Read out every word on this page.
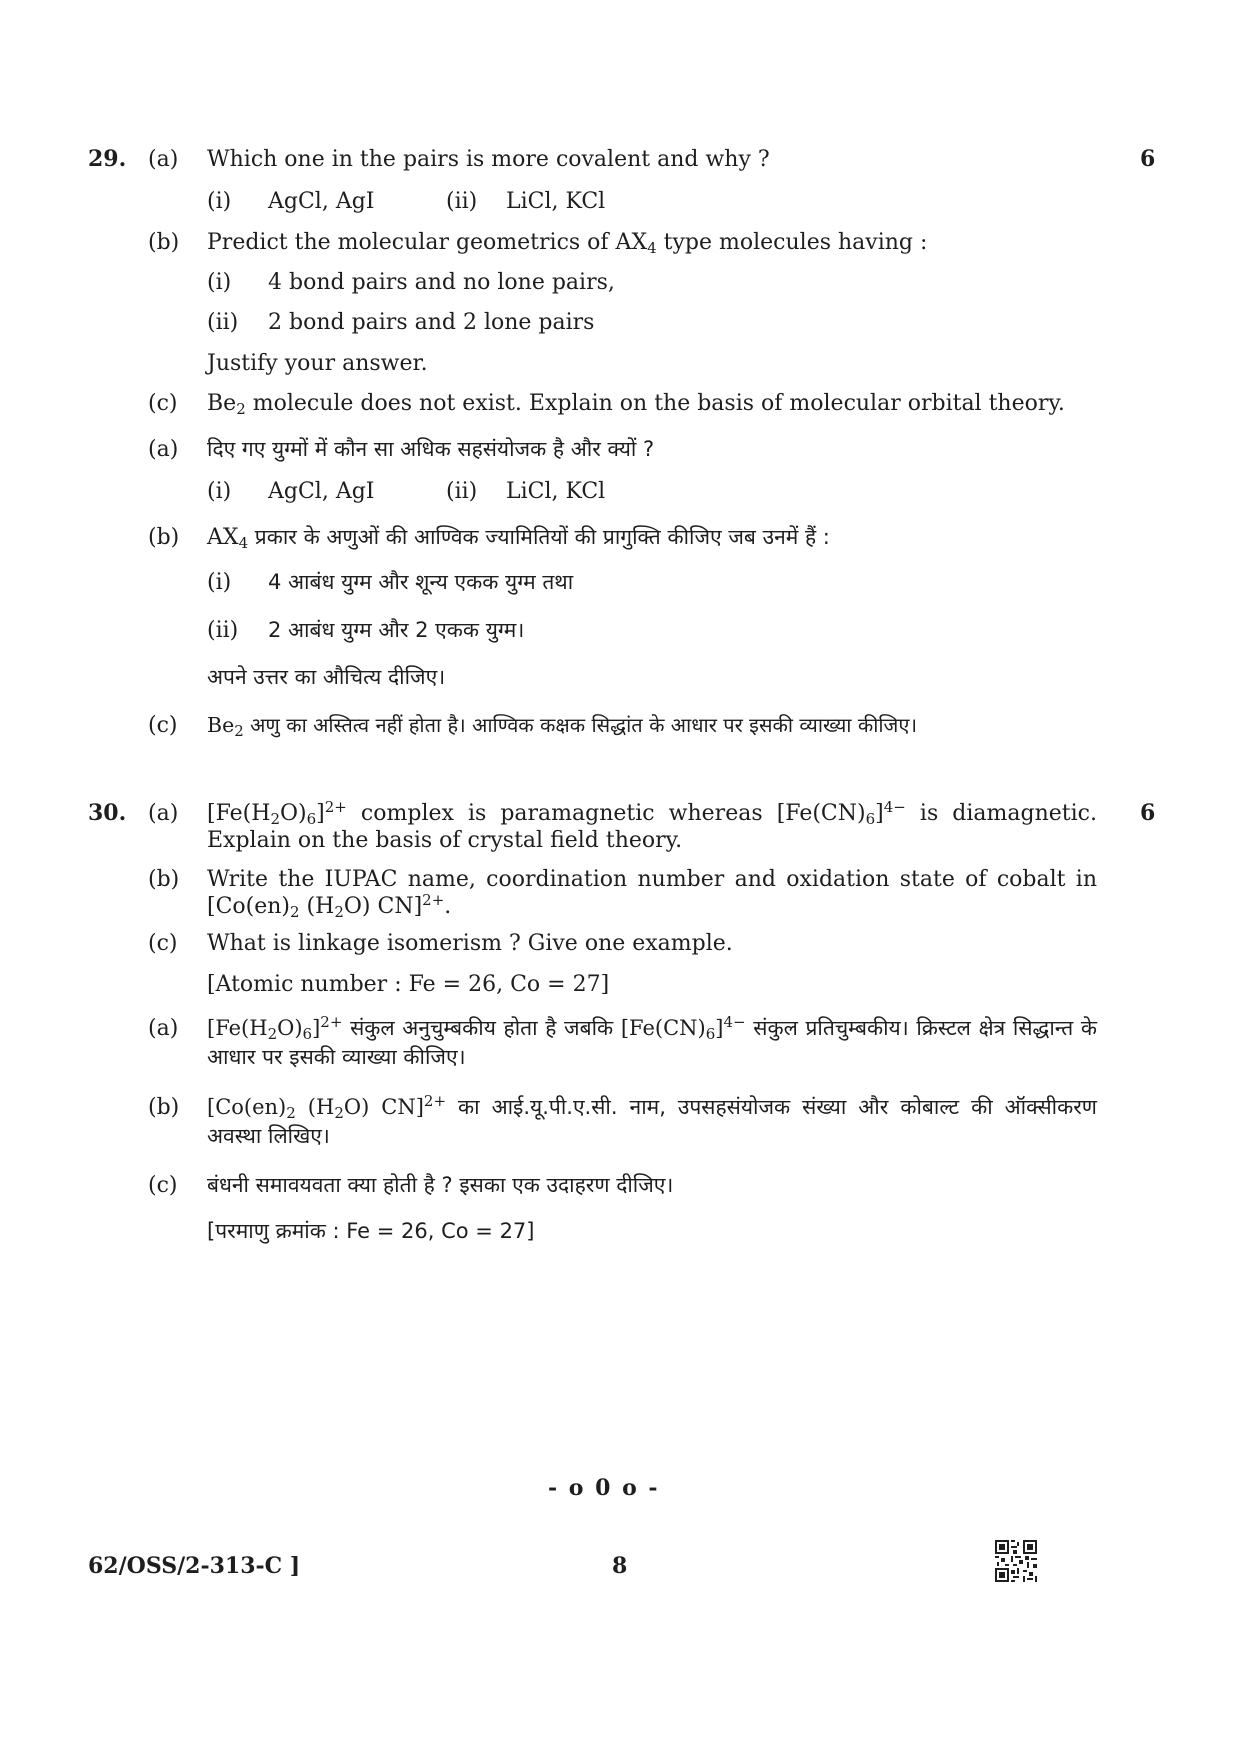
29. (a) Which one in the pairs is more covalent and why ?	6
(i) AgCl, AgI	(ii) LiCl, KCl
(b) Predict the molecular geometrics of $AX_4$ type molecules having :
(i) 4 bond pairs and no lone pairs,
(ii) 2 bond pairs and 2 lone pairs
Justify your answer.
(c) $Be_2$ molecule does not exist. Explain on the basis of molecular orbital theory.
(a) दिए गए युग्मों में कौन सा अधिक सहसंयोजक है और क्यों ?
(i) AgCl, AgI	(ii) LiCl, KCl
(b) $AX_4$ प्रकार के अणुओं की आण्विक ज्यामितियों की प्रागुक्ति कीजिए जब उनमें हैं :
(i) 4 आबंध युग्म और शून्य एकक युग्म तथा
(ii) 2 आबंध युग्म और 2 एकक युग्म।
अपने उत्तर का औचित्य दीजिए।
(c) $Be_2$ अणु का अस्तित्व नहीं होता है। आण्विक कक्षक सिद्धांत के आधार पर इसकी व्याख्या कीजिए।
30. (a)	6
$[Fe(H_2O)_6]^{2+}$ complex is paramagnetic whereas $[Fe(CN)_6]^{4-}$ is diamagnetic. Explain on the basis of crystal field theory.
(b) Write the IUPAC name, coordination number and oxidation state of cobalt in [$Co(en)_2$ $(H_2O)$ CN]$^{2+}$.
(c) What is linkage isomerism ? Give one example.
[Atomic number : Fe = 26, Co = 27]
(a) $[Fe(H_2O)_6]^{2+}$ संकुल अनुचुम्बकीय होता है जबकि $[Fe(CN)_6]^{4-}$ संकुल प्रतिचुम्बकीय। क्रिस्टल क्षेत्र सिद्धान्त के आधार पर इसकी व्याख्या कीजिए।
(b) [$Co(en)_2$ $(H_2O)$ CN]$^{2+}$ का आई.यू.पी.ए.सी. नाम, उपसहसंयोजक संख्या और कोबाल्ट की ऑक्सीकरण अवस्था लिखिए।
(c) बंधनी समावयवता क्या होती है ? इसका एक उदाहरण दीजिए।
[परमाणु क्रमांक : Fe = 26, Co = 27]
- o 0 o -
62/OSS/2-313-C ]	8
